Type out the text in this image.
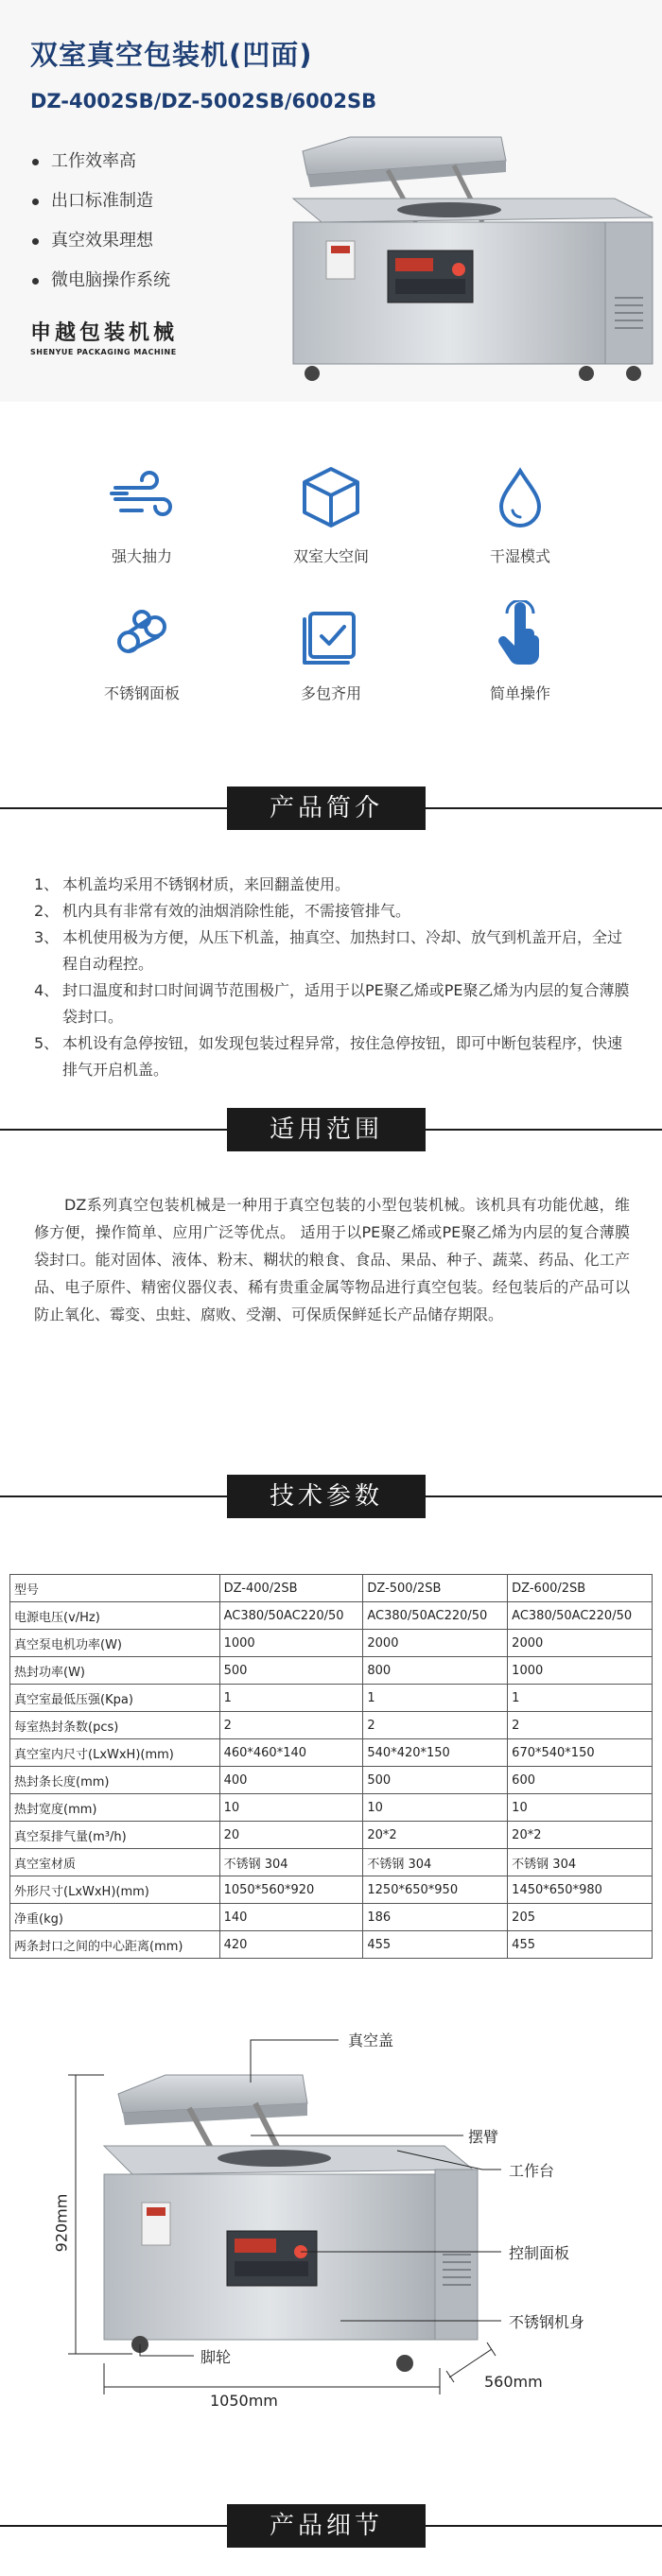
双室真空包装机(凹面)
DZ-4002SB/DZ-5002SB/6002SB
工作效率高
出口标准制造
真空效果理想
微电脑操作系统
申越包装机械
SHENYUE PACKAGING MACHINE
强大抽力	双室大空间	干湿模式
不锈钢面板	多包齐用	简单操作
产品简介
1、 本机盖均采用不锈钢材质，来回翻盖使用。
2、 机内具有非常有效的油烟消除性能，不需接管排气。
3、 本机使用极为方便，从压下机盖，抽真空、加热封口、冷却、放气到机盖开启，全过程自动程控。
4、 封口温度和封口时间调节范围极广，适用于以PE聚乙烯或PE聚乙烯为内层的复合薄膜袋封口。
5、 本机设有急停按钮，如发现包装过程异常，按住急停按钮，即可中断包装程序，快速排气开启机盖。
适用范围

DZ系列真空包装机械是一种用于真空包装的小型包装机械。该机具有功能优越，维修方便，操作简单、应用广泛等优点。 适用于以PE聚乙烯或PE聚乙烯为内层的复合薄膜袋封口。能对固体、液体、粉末、糊状的粮食、食品、果品、种子、蔬菜、药品、化工产品、电子原件、精密仪器仪表、稀有贵重金属等物品进行真空包装。经包装后的产品可以防止氧化、霉变、虫蛀、腐败、受潮、可保质保鲜延长产品储存期限。

技术参数
型号	DZ-400/2SB	DZ-500/2SB	DZ-600/2SB
电源电压(v/Hz)	AC380/50AC220/50	AC380/50AC220/50	AC380/50AC220/50
真空泵电机功率(W)	1000	2000	2000
热封功率(W)	500	800	1000
真空室最低压强(Kpa)	1	1	1
每室热封条数(pcs)	2	2	2
真空室内尺寸(LxWxH)(mm)	460*460*140	540*420*150	670*540*150
热封条长度(mm)	400	500	600
热封宽度(mm)	10	10	10
真空泵排气量(m³/h)	20	20*2	20*2
真空室材质	不锈钢 304	不锈钢 304	不锈钢 304
外形尺寸(LxWxH)(mm)	1050*560*920	1250*650*950	1450*650*980
净重(kg)	140	186	205
两条封口之间的中心距离(mm)	420	455	455
真空盖
摆臂
工作台
控制面板
不锈钢机身
脚轮
920mm
1050mm
560mm
产品细节
